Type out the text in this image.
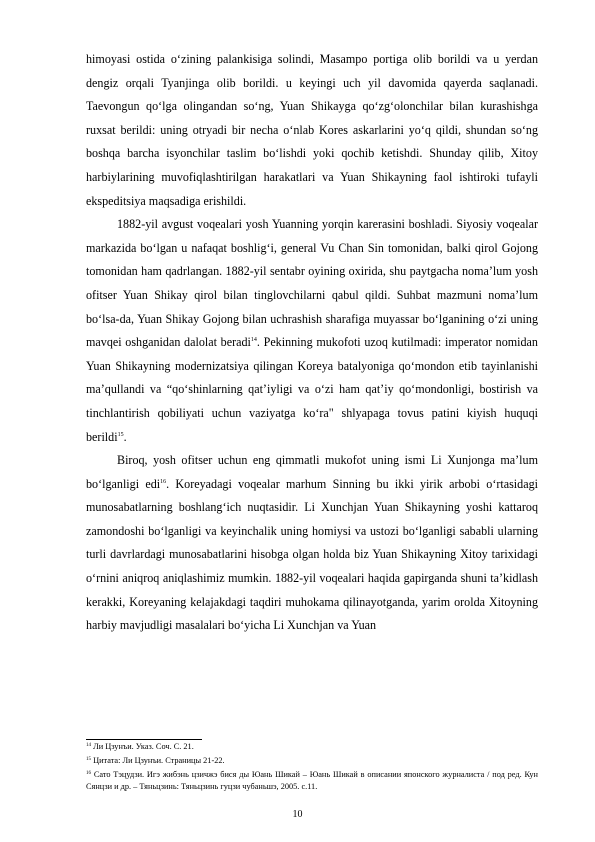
himoyasi ostida o‘zining palankisiga solindi, Masampo portiga olib borildi va u yerdan dengiz orqali Tyanjinga olib borildi. u keyingi uch yil davomida qayerda saqlanadi. Taevongun qo‘lga olingandan so‘ng, Yuan Shikayga qo‘zg‘olonchilar bilan kurashishga ruxsat berildi: uning otryadi bir necha o‘nlab Kores askarlarini yo‘q qildi, shundan so‘ng boshqa barcha isyonchilar taslim bo‘lishdi yoki qochib ketishdi. Shunday qilib, Xitoy harbiylarining muvofiqlashtirilgan harakatlari va Yuan Shikayning faol ishtiroki tufayli ekspeditsiya maqsadiga erishildi.

1882-yil avgust voqealari yosh Yuanning yorqin karerasini boshladi. Siyosiy voqealar markazida bo‘lgan u nafaqat boshlig‘i, general Vu Chan Sin tomonidan, balki qirol Gojong tomonidan ham qadrlangan. 1882-yil sentabr oyining oxirida, shu paytgacha noma’lum yosh ofitser Yuan Shikay qirol bilan tinglovchilarni qabul qildi. Suhbat mazmuni noma’lum bo‘lsa-da, Yuan Shikay Gojong bilan uchrashish sharafiga muyassar bo‘lganining o‘zi uning mavqei oshganidan dalolat beradi$^{14}$. Pekinning mukofoti uzoq kutilmadi: imperator nomidan Yuan Shikayning modernizatsiya qilingan Koreya batalyoniga qo‘mondon etib tayinlanishi ma’qullandi va “qo‘shinlarning qat’iyligi va o‘zi ham qat’iy qo‘mondonligi, bostirish va tinchlantirish qobiliyati uchun vaziyatga ko‘ra" shlyapaga tovus patini kiyish huquqi berildi$^{15}$.

Biroq, yosh ofitser uchun eng qimmatli mukofot uning ismi Li Xunjonga ma’lum bo‘lganligi edi$^{16}$. Koreyadagi voqealar marhum Sinning bu ikki yirik arbobi o‘rtasidagi munosabatlarning boshlang‘ich nuqtasidir. Li Xunchjan Yuan Shikayning yoshi kattaroq zamondoshi bo‘lganligi va keyinchalik uning homiysi va ustozi bo‘lganligi sababli ularning turli davrlardagi munosabatlarini hisobga olgan holda biz Yuan Shikayning Xitoy tarixidagi o‘rnini aniqroq aniqlashimiz mumkin. 1882-yil voqealari haqida gapirganda shuni ta’kidlash kerakki, Koreyaning kelajakdagi taqdiri muhokama qilinayotganda, yarim orolda Xitoyning harbiy mavjudligi masalalari bo‘yicha Li Xunchjan va Yuan

$^{14}$ Ли Цзунъи. Указ. Соч. С. 21.

$^{15}$ Цитата: Ли Цзунъи. Страницы 21-22.

$^{16}$ Сато Тэцудзи. Игэ жибэнь цзичжэ бися ды Юань Шикай – Юань Шикай в описании японского журналиста / под ред. Кун Сянцзи и др. – Тяньцзинь: Тяньцзинь гуцзи чубаньшэ, 2005. c.11.

10
